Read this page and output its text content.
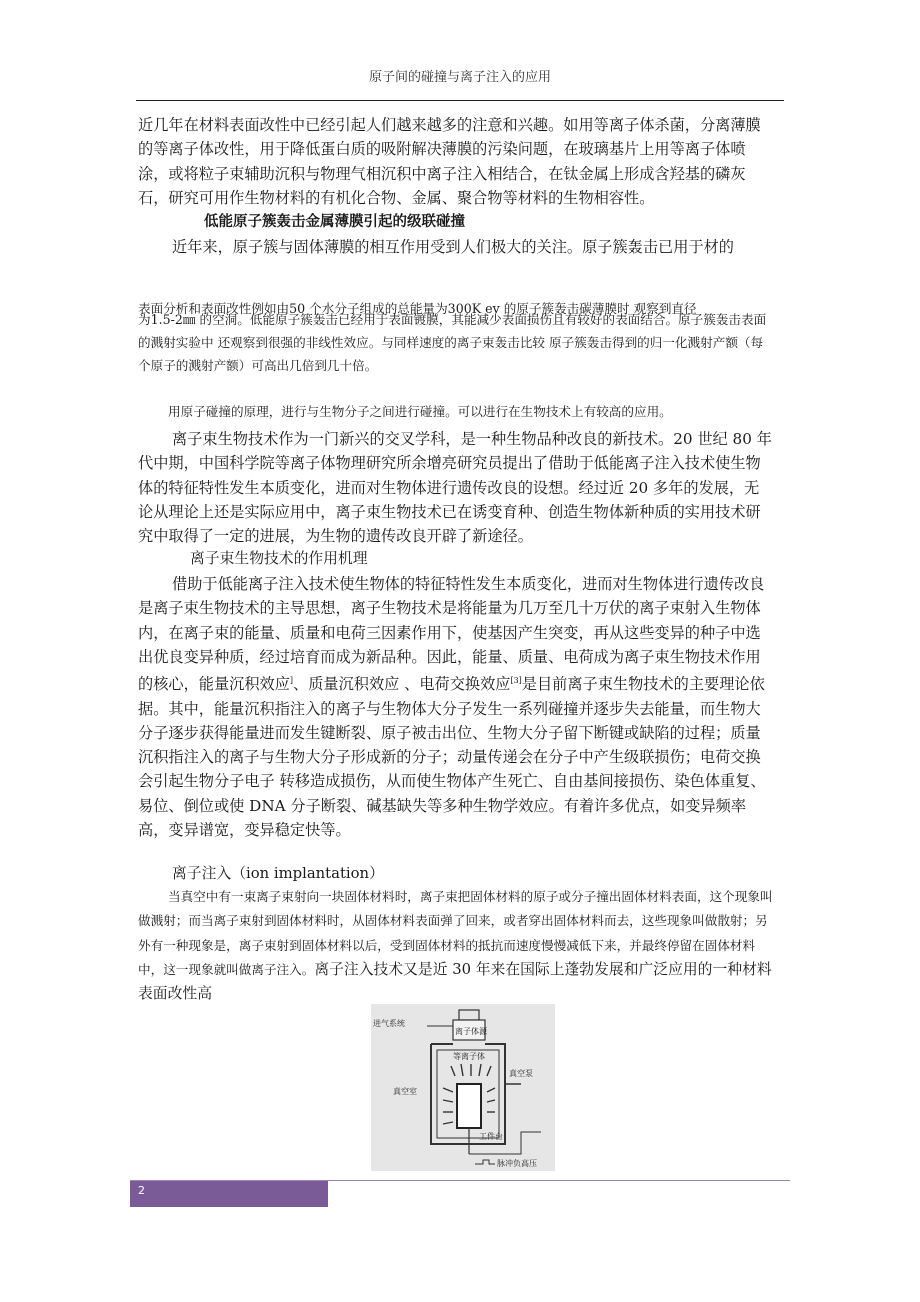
原子间的碰撞与离子注入的应用

近几年在材料表面改性中已经引起人们越来越多的注意和兴趣。如用等离子体杀菌，分离薄膜的等离子体改性，用于降低蛋白质的吸附解决薄膜的污染问题，在玻璃基片上用等离子体喷涂，或将粒子束辅助沉积与物理气相沉积中离子注入相结合，在钛金属上形成含羟基的磷灰石，研究可用作生物材料的有机化合物、金属、聚合物等材料的生物相容性。

低能原子簇轰击金属薄膜引起的级联碰撞

近年来，原子簇与固体薄膜的相互作用受到人们极大的关注。原子簇轰击已用于材的

表面分析和表面改性例如由50 个水分子组成的总能量为300K ev 的原子簇轰击碳薄膜时 观察到直径

为1.5-2㎜ 的空洞。低能原子簇轰击已经用于表面镀膜，其能减少表面损伤且有较好的表面结合。原子簇轰击表面的溅射实验中 还观察到很强的非线性效应。与同样速度的离子束轰击比较 原子簇轰击得到的归一化溅射产额（每个原子的溅射产额）可高出几倍到几十倍。

用原子碰撞的原理，进行与生物分子之间进行碰撞。可以进行在生物技术上有较高的应用。

离子束生物技术作为一门新兴的交叉学科，是一种生物品种改良的新技术。20 世纪 80 年代中期，中国科学院等离子体物理研究所余增亮研究员提出了借助于低能离子注入技术使生物体的特征特性发生本质变化，进而对生物体进行遗传改良的设想。经过近 20 多年的发展，无论从理论上还是实际应用中，离子束生物技术已在诱变育种、创造生物体新种质的实用技术研究中取得了一定的进展，为生物的遗传改良开辟了新途径。

离子束生物技术的作用机理

借助于低能离子注入技术使生物体的特征特性发生本质变化，进而对生物体进行遗传改良是离子束生物技术的主导思想，离子生物技术是将能量为几万至几十万伏的离子束射入生物体内，在离子束的能量、质量和电荷三因素作用下，使基因产生突变，再从这些变异的种子中选出优良变异种质，经过培育而成为新品种。因此，能量、质量、电荷成为离子束生物技术作用的核心，能量沉积效应]、质量沉积效应 、电荷交换效应[3]是目前离子束生物技术的主要理论依据。其中，能量沉积指注入的离子与生物体大分子发生一系列碰撞并逐步失去能量，而生物大分子逐步获得能量进而发生键断裂、原子被击出位、生物大分子留下断键或缺陷的过程；质量沉积指注入的离子与生物大分子形成新的分子；动量传递会在分子中产生级联损伤；电荷交换会引起生物分子电子 转移造成损伤，从而使生物体产生死亡、自由基间接损伤、染色体重复、易位、倒位或使 DNA 分子断裂、碱基缺失等多种生物学效应。有着许多优点，如变异频率高，变异谱宽，变异稳定快等。

离子注入（ion implantation）

当真空中有一束离子束射向一块固体材料时，离子束把固体材料的原子或分子撞出固体材料表面，这个现象叫做溅射；而当离子束射到固体材料时，从固体材料表面弹了回来，或者穿出固体材料而去，这些现象叫做散射；另外有一种现象是，离子束射到固体材料以后，受到固体材料的抵抗而速度慢慢减低下来，并最终停留在固体材料中，这一现象就叫做离子注入。离子注入技术又是近 30 年来在国际上蓬勃发展和广泛应用的一种材料表面改性高

进气系统
离子体源
等离子体
真空泵
真空室
工件台
脉冲负高压
2
